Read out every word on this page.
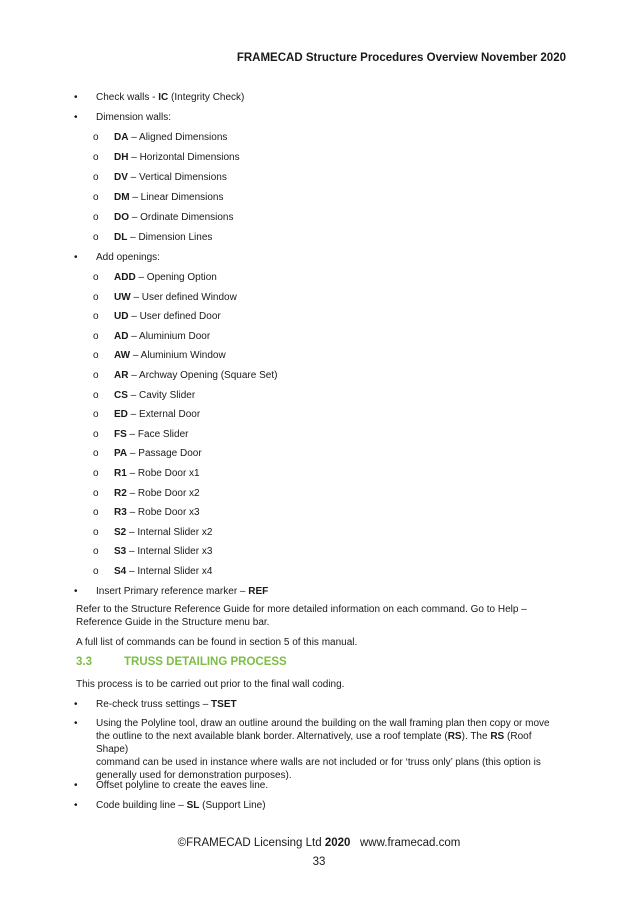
FRAMECAD Structure Procedures Overview November 2020
• Check walls - IC (Integrity Check)
• Dimension walls:
o DA – Aligned Dimensions
o DH – Horizontal Dimensions
o DV – Vertical Dimensions
o DM – Linear Dimensions
o DO – Ordinate Dimensions
o DL – Dimension Lines
• Add openings:
o ADD – Opening Option
o UW – User defined Window
o UD – User defined Door
o AD – Aluminium Door
o AW – Aluminium Window
o AR – Archway Opening (Square Set)
o CS – Cavity Slider
o ED – External Door
o FS – Face Slider
o PA – Passage Door
o R1 – Robe Door x1
o R2 – Robe Door x2
o R3 – Robe Door x3
o S2 – Internal Slider x2
o S3 – Internal Slider x3
o S4 – Internal Slider x4
• Insert Primary reference marker – REF
Refer to the Structure Reference Guide for more detailed information on each command. Go to Help –
Reference Guide in the Structure menu bar.
A full list of commands can be found in section 5 of this manual.
3.3	TRUSS DETAILING PROCESS
This process is to be carried out prior to the final wall coding.
• Re-check truss settings – TSET
• Using the Polyline tool, draw an outline around the building on the wall framing plan then copy or move
the outline to the next available blank border. Alternatively, use a roof template (RS). The RS (Roof Shape)
command can be used in instance where walls are not included or for ‘truss only’ plans (this option is
generally used for demonstration purposes).
• Offset polyline to create the eaves line.
• Code building line – SL (Support Line)
©FRAMECAD Licensing Ltd 2020   www.framecad.com
33
